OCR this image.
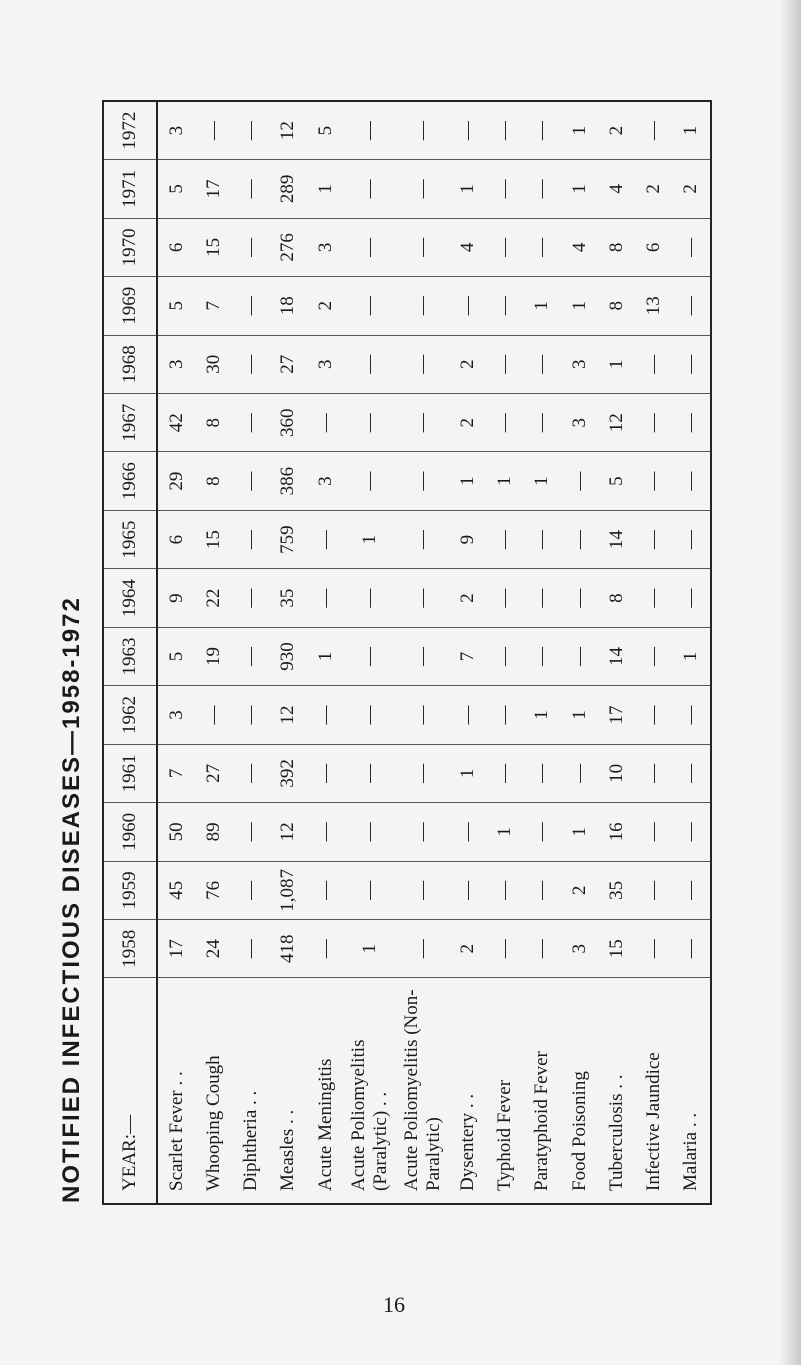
NOTIFIED INFECTIOUS DISEASES—1958-1972 YEAR:—	1958	1959	1960	1961	1962	1963	1964	1965	1966	1967	1968	1969	1970	1971	1972
Scarlet Fever . .	17	45	50	7	3	5	9	6	29	42	3	5	6	5	3
Whooping Cough	24	76	89	27	—	19	22	15	8	8	30	7	15	17	—
Diphtheria . .	—	—	—	—	—	—	—	—	—	—	—	—	—	—	—
Measles . .	418	1,087	12	392	12	930	35	759	386	360	27	18	276	289	12
Acute Meningitis	—	—	—	—	—	1	—	—	3	—	3	2	3	1	5
Acute Poliomyelitis (Paralytic) . .	1	—	—	—	—	—	—	1	—	—	—	—	—	—	—
Acute Poliomyelitis (Non-Paralytic)	—	—	—	—	—	—	—	—	—	—	—	—	—	—	—
Dysentery . .	2	—	—	1	—	7	2	9	1	2	2	—	4	1	—
Typhoid Fever	—	—	1	—	—	—	—	—	1	—	—	—	—	—	—
Paratyphoid Fever	—	—	—	—	1	—	—	—	1	—	—	1	—	—	—
Food Poisoning	3	2	1	—	1	—	—	—	—	3	3	1	4	1	1
Tuberculosis . .	15	35	16	10	17	14	8	14	5	12	1	8	8	4	2
Infective Jaundice	—	—	—	—	—	—	—	—	—	—	—	13	6	2	—
Malaria . .	—	—	—	—	—	1	—	—	—	—	—	—	—	2	1
16
